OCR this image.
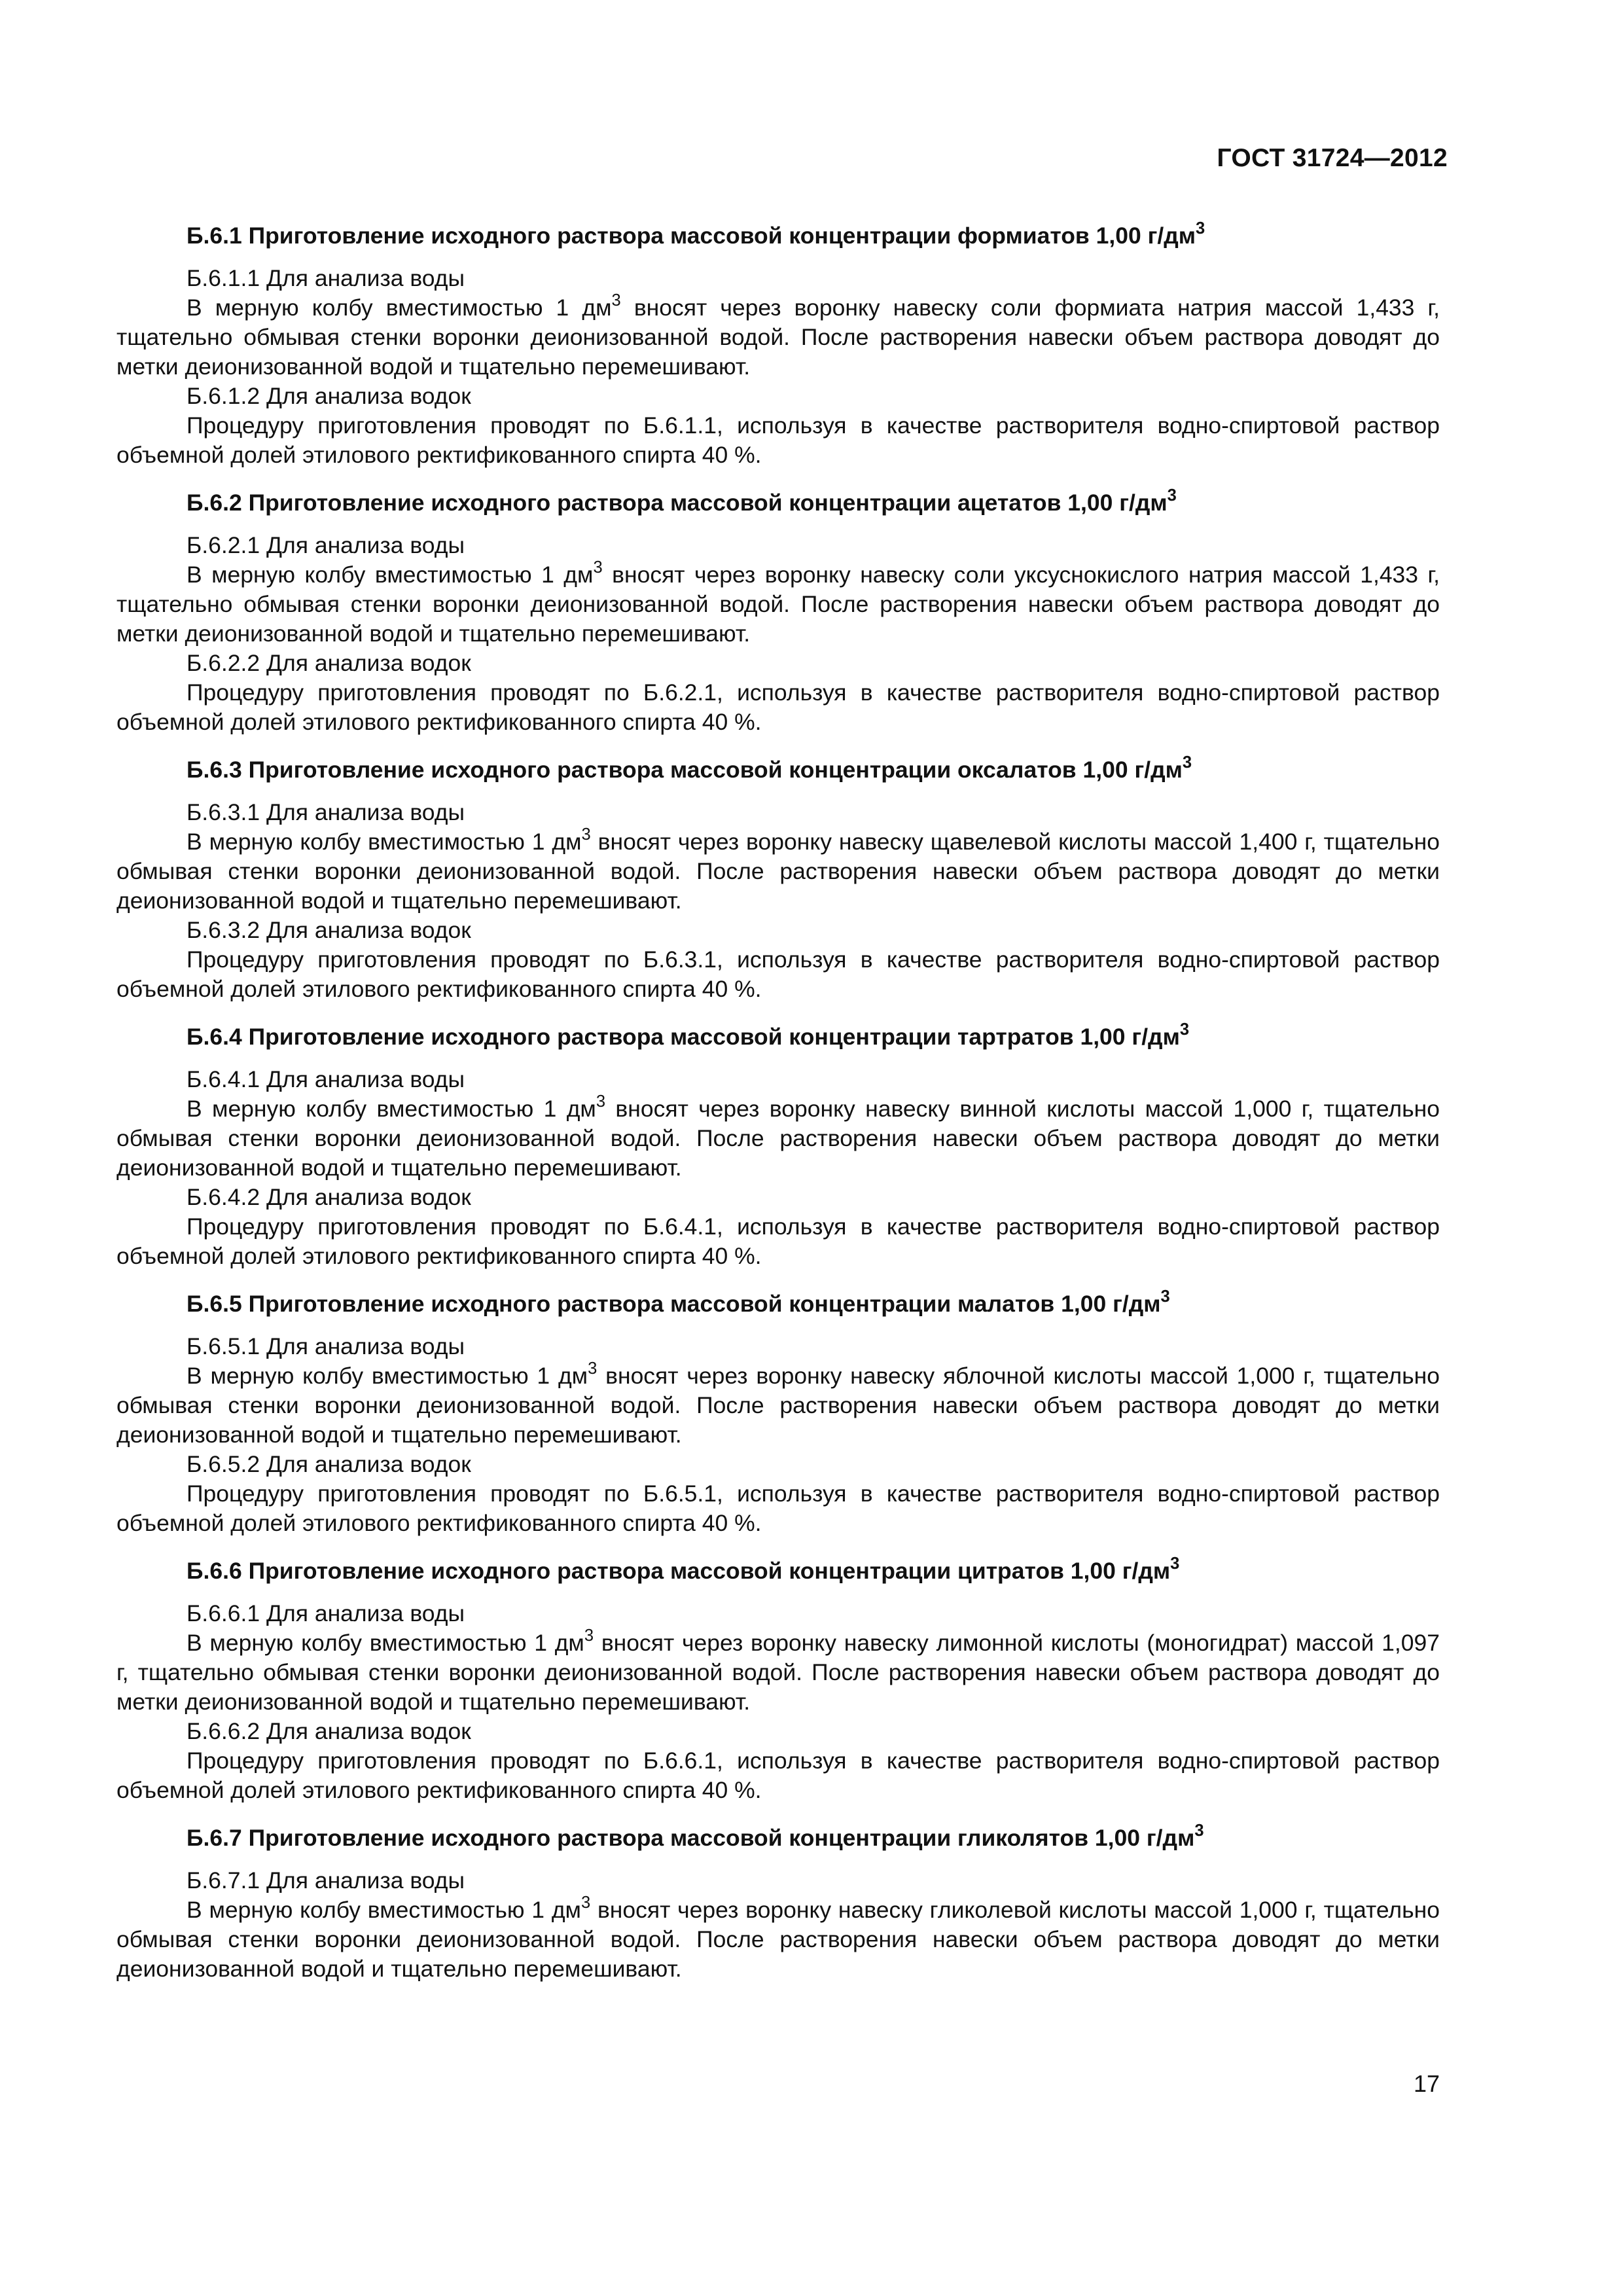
ГОСТ 31724—2012
Б.6.1 Приготовление исходного раствора массовой концентрации формиатов 1,00 $г/дм^3$

Б.6.1.1 Для анализа воды

В мерную колбу вместимостью 1 $дм^3$ вносят через воронку навеску соли формиата натрия массой 1,433 г, тщательно обмывая стенки воронки деионизованной водой. После растворения навески объем раствора доводят до метки деионизованной водой и тщательно перемешивают.

Б.6.1.2 Для анализа водок

Процедуру приготовления проводят по Б.6.1.1, используя в качестве растворителя водно-спиртовой раствор объемной долей этилового ректификованного спирта 40 %.

Б.6.2 Приготовление исходного раствора массовой концентрации ацетатов 1,00 $г/дм^3$

Б.6.2.1 Для анализа воды

В мерную колбу вместимостью 1 $дм^3$ вносят через воронку навеску соли уксуснокислого натрия массой 1,433 г, тщательно обмывая стенки воронки деионизованной водой. После растворения навески объем раствора доводят до метки деионизованной водой и тщательно перемешивают.

Б.6.2.2 Для анализа водок

Процедуру приготовления проводят по Б.6.2.1, используя в качестве растворителя водно-спиртовой раствор объемной долей этилового ректификованного спирта 40 %.

Б.6.3 Приготовление исходного раствора массовой концентрации оксалатов 1,00 $г/дм^3$

Б.6.3.1 Для анализа воды

В мерную колбу вместимостью 1 $дм^3$ вносят через воронку навеску щавелевой кислоты массой 1,400 г, тщательно обмывая стенки воронки деионизованной водой. После растворения навески объем раствора доводят до метки деионизованной водой и тщательно перемешивают.

Б.6.3.2 Для анализа водок

Процедуру приготовления проводят по Б.6.3.1, используя в качестве растворителя водно-спиртовой раствор объемной долей этилового ректификованного спирта 40 %.

Б.6.4 Приготовление исходного раствора массовой концентрации тартратов 1,00 $г/дм^3$

Б.6.4.1 Для анализа воды

В мерную колбу вместимостью 1 $дм^3$ вносят через воронку навеску винной кислоты массой 1,000 г, тщательно обмывая стенки воронки деионизованной водой. После растворения навески объем раствора доводят до метки деионизованной водой и тщательно перемешивают.

Б.6.4.2 Для анализа водок

Процедуру приготовления проводят по Б.6.4.1, используя в качестве растворителя водно-спиртовой раствор объемной долей этилового ректификованного спирта 40 %.

Б.6.5 Приготовление исходного раствора массовой концентрации малатов 1,00 $г/дм^3$

Б.6.5.1 Для анализа воды

В мерную колбу вместимостью 1 $дм^3$ вносят через воронку навеску яблочной кислоты массой 1,000 г, тщательно обмывая стенки воронки деионизованной водой. После растворения навески объем раствора доводят до метки деионизованной водой и тщательно перемешивают.

Б.6.5.2 Для анализа водок

Процедуру приготовления проводят по Б.6.5.1, используя в качестве растворителя водно-спиртовой раствор объемной долей этилового ректификованного спирта 40 %.

Б.6.6 Приготовление исходного раствора массовой концентрации цитратов 1,00 $г/дм^3$

Б.6.6.1 Для анализа воды

В мерную колбу вместимостью 1 $дм^3$ вносят через воронку навеску лимонной кислоты (моногидрат) массой 1,097 г, тщательно обмывая стенки воронки деионизованной водой. После растворения навески объем раствора доводят до метки деионизованной водой и тщательно перемешивают.

Б.6.6.2 Для анализа водок

Процедуру приготовления проводят по Б.6.6.1, используя в качестве растворителя водно-спиртовой раствор объемной долей этилового ректификованного спирта 40 %.

Б.6.7 Приготовление исходного раствора массовой концентрации гликолятов 1,00 $г/дм^3$

Б.6.7.1 Для анализа воды

В мерную колбу вместимостью 1 $дм^3$ вносят через воронку навеску гликолевой кислоты массой 1,000 г, тщательно обмывая стенки воронки деионизованной водой. После растворения навески объем раствора доводят до метки деионизованной водой и тщательно перемешивают.

17
